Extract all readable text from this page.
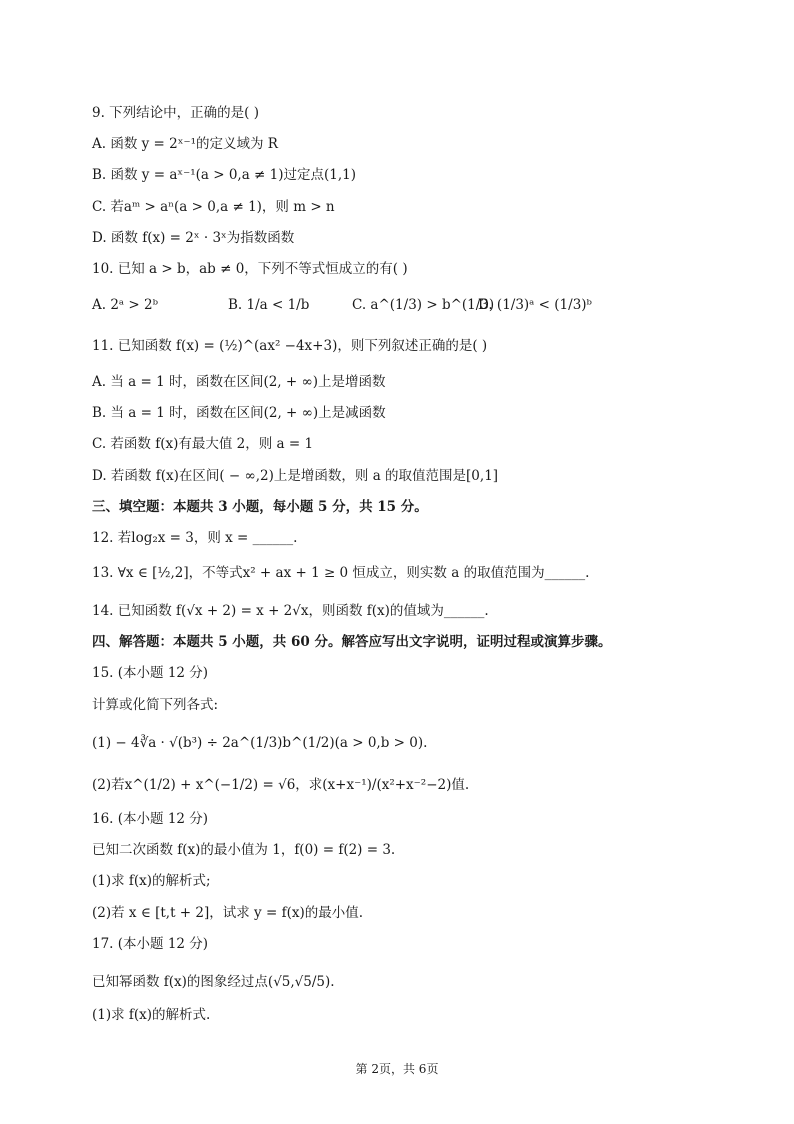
9. 下列结论中，正确的是( )
A. 函数 y = 2ˣ⁻¹的定义域为 R
B. 函数 y = aˣ⁻¹(a > 0,a ≠ 1)过定点(1,1)
C. 若aᵐ > aⁿ(a > 0,a ≠ 1)，则 m > n
D. 函数 f(x) = 2ˣ · 3ˣ为指数函数
10. 已知 a > b，ab ≠ 0，下列不等式恒成立的有( )
A. 2ᵃ > 2ᵇ	B. 1/a < 1/b	C. a^(1/3) > b^(1/3)
D. (1/3)ᵃ < (1/3)ᵇ
11. 已知函数 f(x) = (½)^(ax² −4x+3)，则下列叙述正确的是( )
A. 当 a = 1 时，函数在区间(2, + ∞)上是增函数
B. 当 a = 1 时，函数在区间(2, + ∞)上是减函数
C. 若函数 f(x)有最大值 2，则 a = 1
D. 若函数 f(x)在区间( − ∞,2)上是增函数，则 a 的取值范围是[0,1]
三、填空题：本题共 3 小题，每小题 5 分，共 15 分。
12. 若log₂x = 3，则 x = ______.
13. ∀x ∈ [½,2]，不等式x² + ax + 1 ≥ 0 恒成立，则实数 a 的取值范围为______.
14. 已知函数 f(√x + 2) = x + 2√x，则函数 f(x)的值域为______.
四、解答题：本题共 5 小题，共 60 分。解答应写出文字说明，证明过程或演算步骤。
15. (本小题 12 分)
计算或化简下列各式:
(1) − 4∛a · √(b³) ÷ 2a^(1/3)b^(1/2)(a > 0,b > 0).
(2)若x^(1/2) + x^(−1/2) = √6，求(x+x⁻¹)/(x²+x⁻²−2)值.
16. (本小题 12 分)
已知二次函数 f(x)的最小值为 1，f(0) = f(2) = 3.
(1)求 f(x)的解析式;
(2)若 x ∈ [t,t + 2]，试求 y = f(x)的最小值.
17. (本小题 12 分)
已知幂函数 f(x)的图象经过点(√5,√5/5).
(1)求 f(x)的解析式.
第 2页，共 6页
